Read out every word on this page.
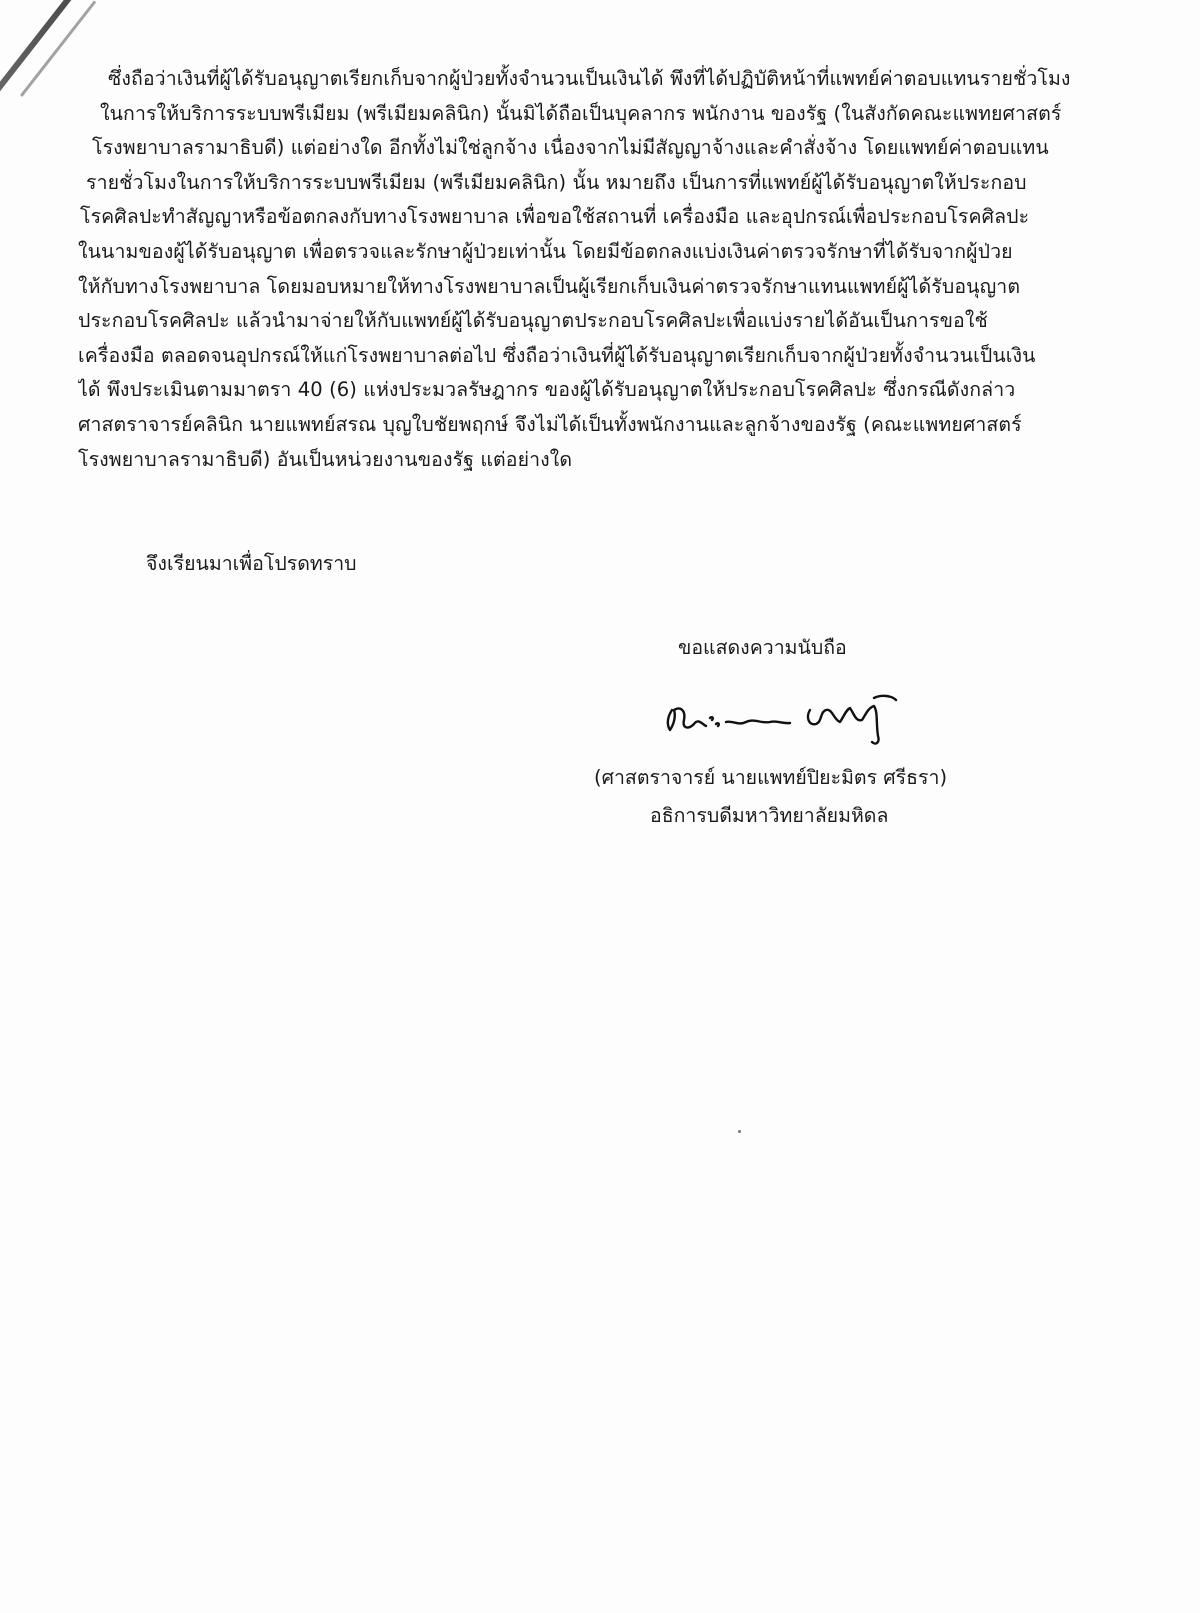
ซึ่งถือว่าเงินที่ผู้ได้รับอนุญาตเรียกเก็บจากผู้ป่วยทั้งจำนวนเป็นเงินได้ พึงที่ได้ปฏิบัติหน้าที่แพทย์ค่าตอบแทนรายชั่วโมง
ในการให้บริการระบบพรีเมียม (พรีเมียมคลินิก) นั้นมิได้ถือเป็นบุคลากร พนักงาน ของรัฐ (ในสังกัดคณะแพทยศาสตร์
โรงพยาบาลรามาธิบดี) แต่อย่างใด อีกทั้งไม่ใช่ลูกจ้าง เนื่องจากไม่มีสัญญาจ้างและคำสั่งจ้าง โดยแพทย์ค่าตอบแทน
รายชั่วโมงในการให้บริการระบบพรีเมียม (พรีเมียมคลินิก) นั้น หมายถึง เป็นการที่แพทย์ผู้ได้รับอนุญาตให้ประกอบ
โรคศิลปะทำสัญญาหรือข้อตกลงกับทางโรงพยาบาล เพื่อขอใช้สถานที่ เครื่องมือ และอุปกรณ์เพื่อประกอบโรคศิลปะ
ในนามของผู้ได้รับอนุญาต เพื่อตรวจและรักษาผู้ป่วยเท่านั้น โดยมีข้อตกลงแบ่งเงินค่าตรวจรักษาที่ได้รับจากผู้ป่วย
ให้กับทางโรงพยาบาล โดยมอบหมายให้ทางโรงพยาบาลเป็นผู้เรียกเก็บเงินค่าตรวจรักษาแทนแพทย์ผู้ได้รับอนุญาต
ประกอบโรคศิลปะ แล้วนำมาจ่ายให้กับแพทย์ผู้ได้รับอนุญาตประกอบโรคศิลปะเพื่อแบ่งรายได้อันเป็นการขอใช้
เครื่องมือ ตลอดจนอุปกรณ์ให้แก่โรงพยาบาลต่อไป ซึ่งถือว่าเงินที่ผู้ได้รับอนุญาตเรียกเก็บจากผู้ป่วยทั้งจำนวนเป็นเงิน
ได้ พึงประเมินตามมาตรา 40 (6) แห่งประมวลรัษฎากร ของผู้ได้รับอนุญาตให้ประกอบโรคศิลปะ ซึ่งกรณีดังกล่าว
ศาสตราจารย์คลินิก นายแพทย์สรณ บุญใบชัยพฤกษ์ จึงไม่ได้เป็นทั้งพนักงานและลูกจ้างของรัฐ (คณะแพทยศาสตร์
โรงพยาบาลรามาธิบดี) อันเป็นหน่วยงานของรัฐ แต่อย่างใด

จึงเรียนมาเพื่อโปรดทราบ

ขอแสดงความนับถือ

(ศาสตราจารย์ นายแพทย์ปิยะมิตร ศรีธรา)

อธิการบดีมหาวิทยาลัยมหิดล
